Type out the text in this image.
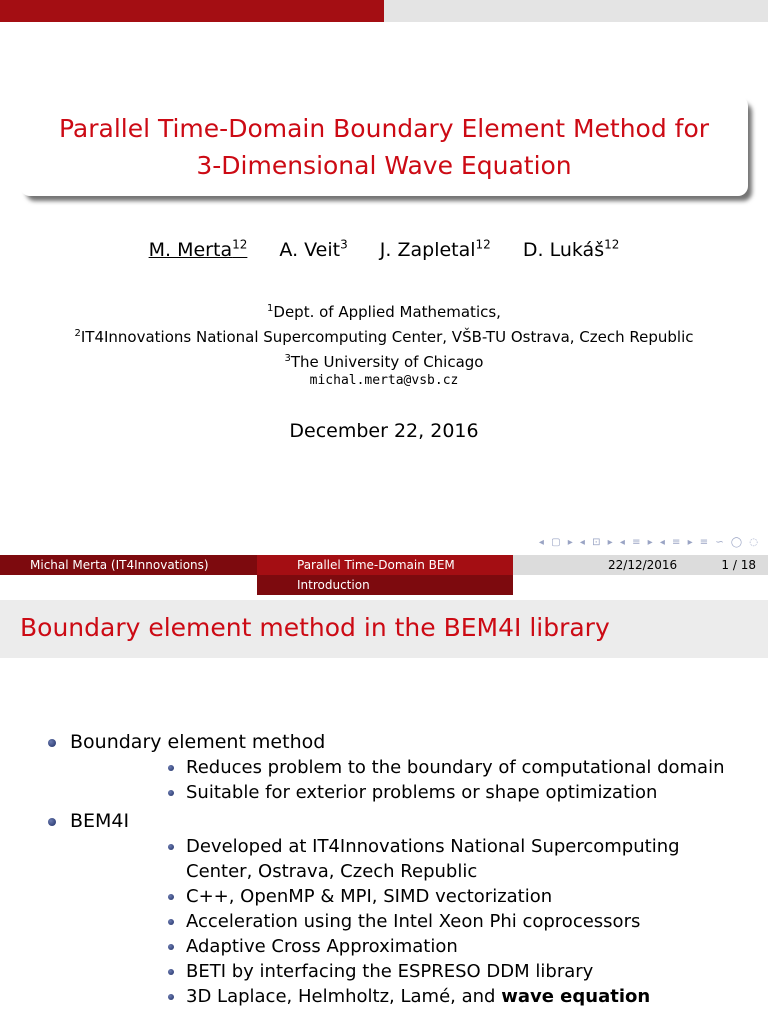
Parallel Time-Domain Boundary Element Method for
3-Dimensional Wave Equation
M. Merta$^{12}$ A. Veit$^3$ J. Zapletal$^{12}$ D. Lukáš$^{12}$
$^1$Dept. of Applied Mathematics,
$^2$IT4Innovations National Supercomputing Center, VŠB-TU Ostrava, Czech Republic
$^3$The University of Chicago
michal.merta@vsb.cz
December 22, 2016
◂ ▢ ▸ ◂ ⊡ ▸ ◂ ≡ ▸ ◂ ≡ ▸ ≡ ∽ ◯ ◌
Michal Merta (IT4Innovations)	Parallel Time-Domain BEM	22/12/2016	1 / 18
Introduction
Boundary element method in the BEM4I library
Boundary element method
Reduces problem to the boundary of computational domain
Suitable for exterior problems or shape optimization
BEM4I
Developed at IT4Innovations National Supercomputing Center, Ostrava, Czech Republic
C++, OpenMP & MPI, SIMD vectorization
Acceleration using the Intel Xeon Phi coprocessors
Adaptive Cross Approximation
BETI by interfacing the ESPRESO DDM library
3D Laplace, Helmholtz, Lamé, and wave equation
